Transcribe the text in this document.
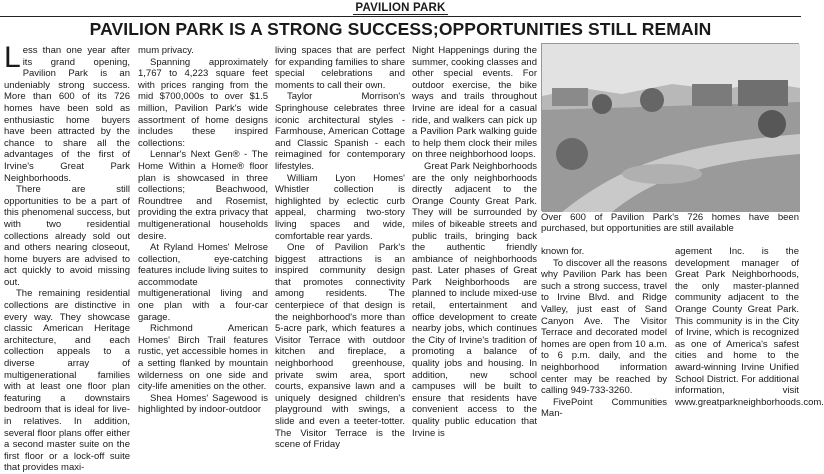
PAVILION PARK
PAVILION PARK IS A STRONG SUCCESS;OPPORTUNITIES STILL REMAIN

Less than one year after its grand opening, Pavilion Park is an undeniably strong success. More than 600 of its 726 homes have been sold as enthusiastic home buyers have been attracted by the chance to share all the advantages of the first of Irvine's Great Park Neighborhoods.

There are still opportunities to be a part of this phenomenal success, but with two residential collections already sold out and others nearing closeout, home buyers are advised to act quickly to avoid missing out.

The remaining residential collections are distinctive in every way. They showcase classic American Heritage architecture, and each collection appeals to a diverse array of multigenerational families with at least one floor plan featuring a downstairs bedroom that is ideal for live-in relatives. In addition, several floor plans offer either a second master suite on the first floor or a lock-off suite that provides maxi-

mum privacy.

Spanning approximately 1,767 to 4,223 square feet with prices ranging from the mid $700,000s to over $1.5 million, Pavilion Park's wide assortment of home designs includes these inspired collections:

Lennar's Next Gen® - The Home Within a Home® floor plan is showcased in three collections; Beachwood, Roundtree and Rosemist, providing the extra privacy that multigenerational households desire.

At Ryland Homes' Melrose collection, eye-catching features include living suites to accommodate multigenerational living and one plan with a four-car garage.

Richmond American Homes' Birch Trail features rustic, yet accessible homes in a setting flanked by mountain wilderness on one side and city-life amenities on the other.

Shea Homes' Sagewood is highlighted by indoor-outdoor

living spaces that are perfect for expanding families to share special celebrations and moments to call their own.

Taylor Morrison's Springhouse celebrates three iconic architectural styles - Farmhouse, American Cottage and Classic Spanish - each reimagined for contemporary lifestyles.

William Lyon Homes' Whistler collection is highlighted by eclectic curb appeal, charming two-story living spaces and wide, comfortable rear yards.

One of Pavilion Park's biggest attractions is an inspired community design that promotes connectivity among residents. The centerpiece of that design is the neighborhood's more than 5-acre park, which features a Visitor Terrace with outdoor kitchen and fireplace, a neighborhood greenhouse, private swim area, sport courts, expansive lawn and a uniquely designed children's playground with swings, a slide and even a teeter-totter. The Visitor Terrace is the scene of Friday

Night Happenings during the summer, cooking classes and other special events. For outdoor exercise, the bike ways and trails throughout Irvine are ideal for a casual ride, and walkers can pick up a Pavilion Park walking guide to help them clock their miles on three neighborhood loops.

Great Park Neighborhoods are the only neighborhoods directly adjacent to the Orange County Great Park. They will be surrounded by miles of bikeable streets and public trails, bringing back the authentic friendly ambiance of neighborhoods past. Later phases of Great Park Neighborhoods are planned to include mixed-use retail, entertainment and office development to create nearby jobs, which continues the City of Irvine's tradition of promoting a balance of quality jobs and housing. In addition, new school campuses will be built to ensure that residents have convenient access to the quality public education that Irvine is

Over 600 of Pavilion Park's 726 homes have been purchased, but opportunities are still available

known for.

To discover all the reasons why Pavilion Park has been such a strong success, travel to Irvine Blvd. and Ridge Valley, just east of Sand Canyon Ave. The Visitor Terrace and decorated model homes are open from 10 a.m. to 6 p.m. daily, and the neighborhood information center may be reached by calling 949-733-3260.

FivePoint Communities Man-

agement Inc. is the development manager of Great Park Neighborhoods, the only master-planned community adjacent to the Orange County Great Park. This community is in the City of Irvine, which is recognized as one of America's safest cities and home to the award-winning Irvine Unified School District. For additional information, visit www.greatparkneighborhoods.com.
